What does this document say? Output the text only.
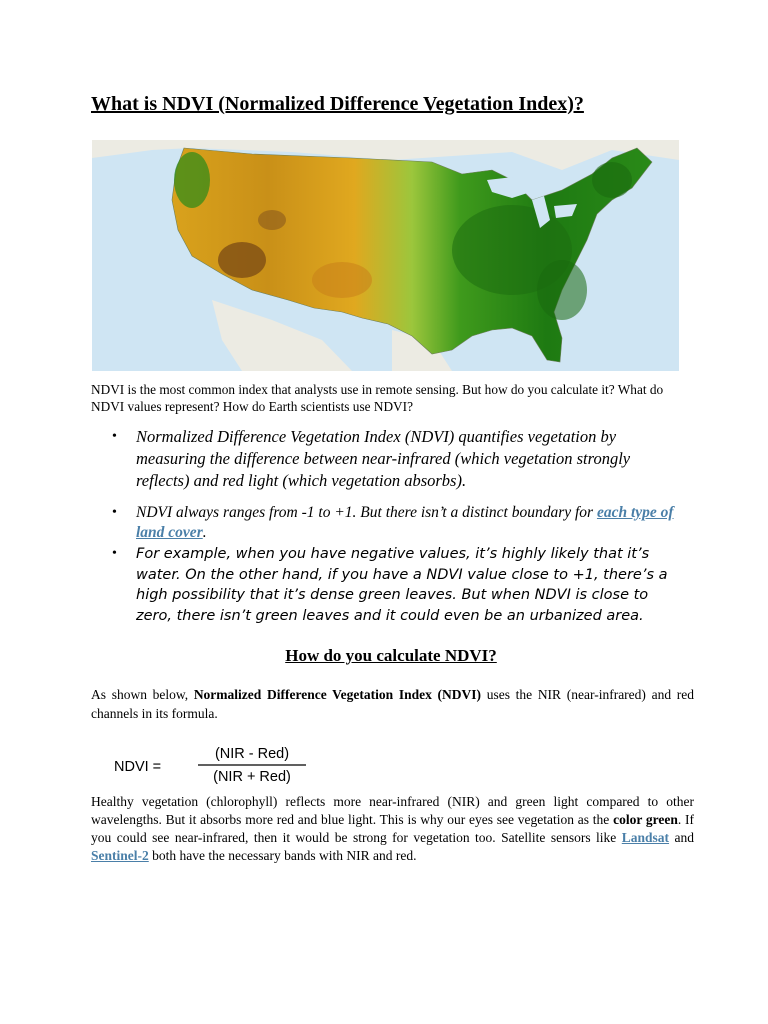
What is NDVI (Normalized Difference Vegetation Index)?

NDVI is the most common index that analysts use in remote sensing. But how do you calculate it? What do NDVI values represent? How do Earth scientists use NDVI?

• Normalized Difference Vegetation Index (NDVI) quantifies vegetation by measuring the difference between near-infrared (which vegetation strongly reflects) and red light (which vegetation absorbs).
• NDVI always ranges from -1 to +1. But there isn’t a distinct boundary for each type of land cover.
• For example, when you have negative values, it’s highly likely that it’s water. On the other hand, if you have a NDVI value close to +1, there’s a high possibility that it’s dense green leaves. But when NDVI is close to zero, there isn’t green leaves and it could even be an urbanized area.
How do you calculate NDVI?

As shown below, Normalized Difference Vegetation Index (NDVI) uses the NIR (near-infrared) and red channels in its formula.

NDVI =
(NIR - Red)
(NIR + Red)

Healthy vegetation (chlorophyll) reflects more near-infrared (NIR) and green light compared to other wavelengths. But it absorbs more red and blue light. This is why our eyes see vegetation as the color green. If you could see near-infrared, then it would be strong for vegetation too. Satellite sensors like Landsat and Sentinel-2 both have the necessary bands with NIR and red.
